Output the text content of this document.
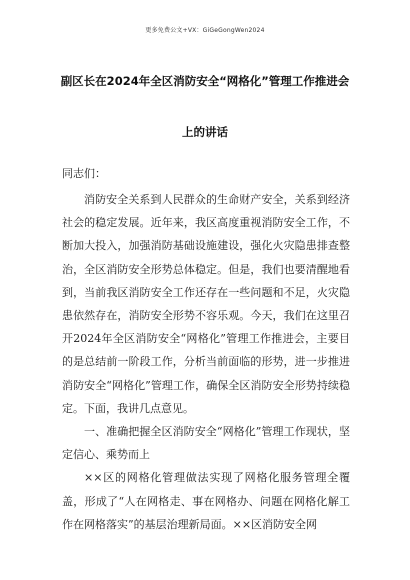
更多免费公文+VX：GiGeGongWen2024
副区长在2024年全区消防安全“网格化”管理工作推进会
上的讲话
同志们：

消防安全关系到人民群众的生命财产安全，关系到经济社会的稳定发展。近年来，我区高度重视消防安全工作，不断加大投入，加强消防基础设施建设，强化火灾隐患排查整治，全区消防安全形势总体稳定。但是，我们也要清醒地看到，当前我区消防安全工作还存在一些问题和不足，火灾隐患依然存在，消防安全形势不容乐观。今天，我们在这里召开2024年全区消防安全“网格化”管理工作推进会，主要目的是总结前一阶段工作，分析当前面临的形势，进一步推进消防安全“网格化”管理工作，确保全区消防安全形势持续稳定。下面，我讲几点意见。

一、准确把握全区消防安全“网格化”管理工作现状，坚定信心、乘势而上

××区的网格化管理做法实现了网格化服务管理全覆盖，形成了“人在网格走、事在网格办、问题在网格化解工作在网格落实”的基层治理新局面。××区消防安全网
